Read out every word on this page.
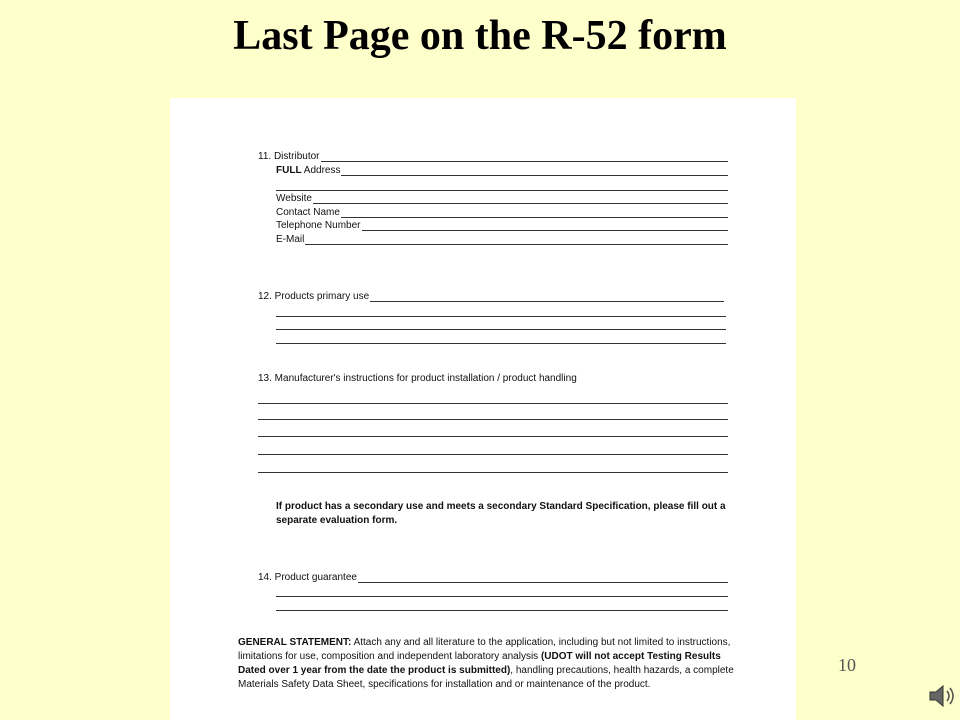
Last Page on the R-52 form
11. Distributor
FULL Address
Website
Contact Name
Telephone Number
E-Mail
12. Products primary use
13. Manufacturer's instructions for product installation / product handling
If product has a secondary use and meets a secondary Standard Specification, please fill out a separate evaluation form.
14. Product guarantee
GENERAL STATEMENT: Attach any and all literature to the application, including but not limited to instructions, limitations for use, composition and independent laboratory analysis (UDOT will not accept Testing Results Dated over 1 year from the date the product is submitted), handling precautions, health hazards, a complete Materials Safety Data Sheet, specifications for installation and or maintenance of the product.
10
